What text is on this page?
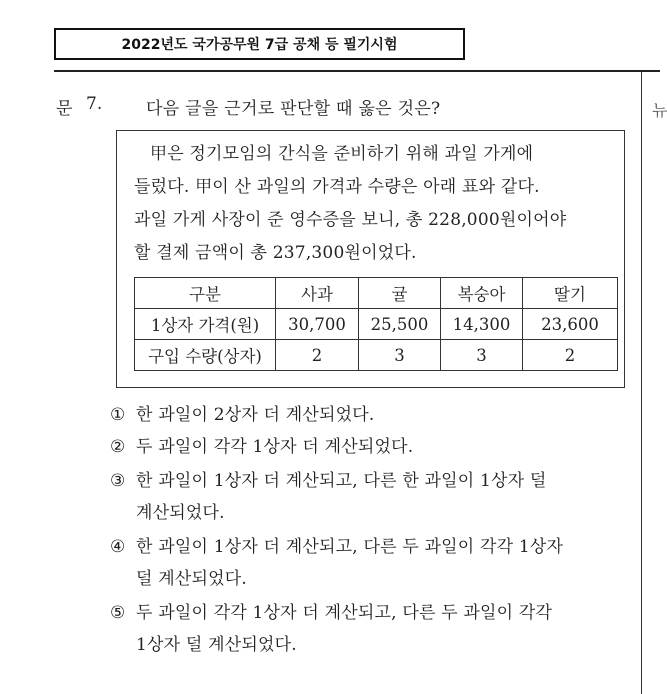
2022년도 국가공무원 7급 공채 등 필기시험
뉴
문 7.	다음 글을 근거로 판단할 때 옳은 것은?
甲은 정기모임의 간식을 준비하기 위해 과일 가게에
들렀다. 甲이 산 과일의 가격과 수량은 아래 표와 같다.
과일 가게 사장이 준 영수증을 보니, 총 228,000원이어야
할 결제 금액이 총 237,300원이었다.
구분	사과	귤	복숭아	딸기
1상자 가격(원)	30,700	25,500	14,300	23,600
구입 수량(상자)	2	3	3	2
① 한 과일이 2상자 더 계산되었다.
② 두 과일이 각각 1상자 더 계산되었다.
③ 한 과일이 1상자 더 계산되고, 다른 한 과일이 1상자 덜
계산되었다.
④ 한 과일이 1상자 더 계산되고, 다른 두 과일이 각각 1상자
덜 계산되었다.
⑤ 두 과일이 각각 1상자 더 계산되고, 다른 두 과일이 각각
1상자 덜 계산되었다.
